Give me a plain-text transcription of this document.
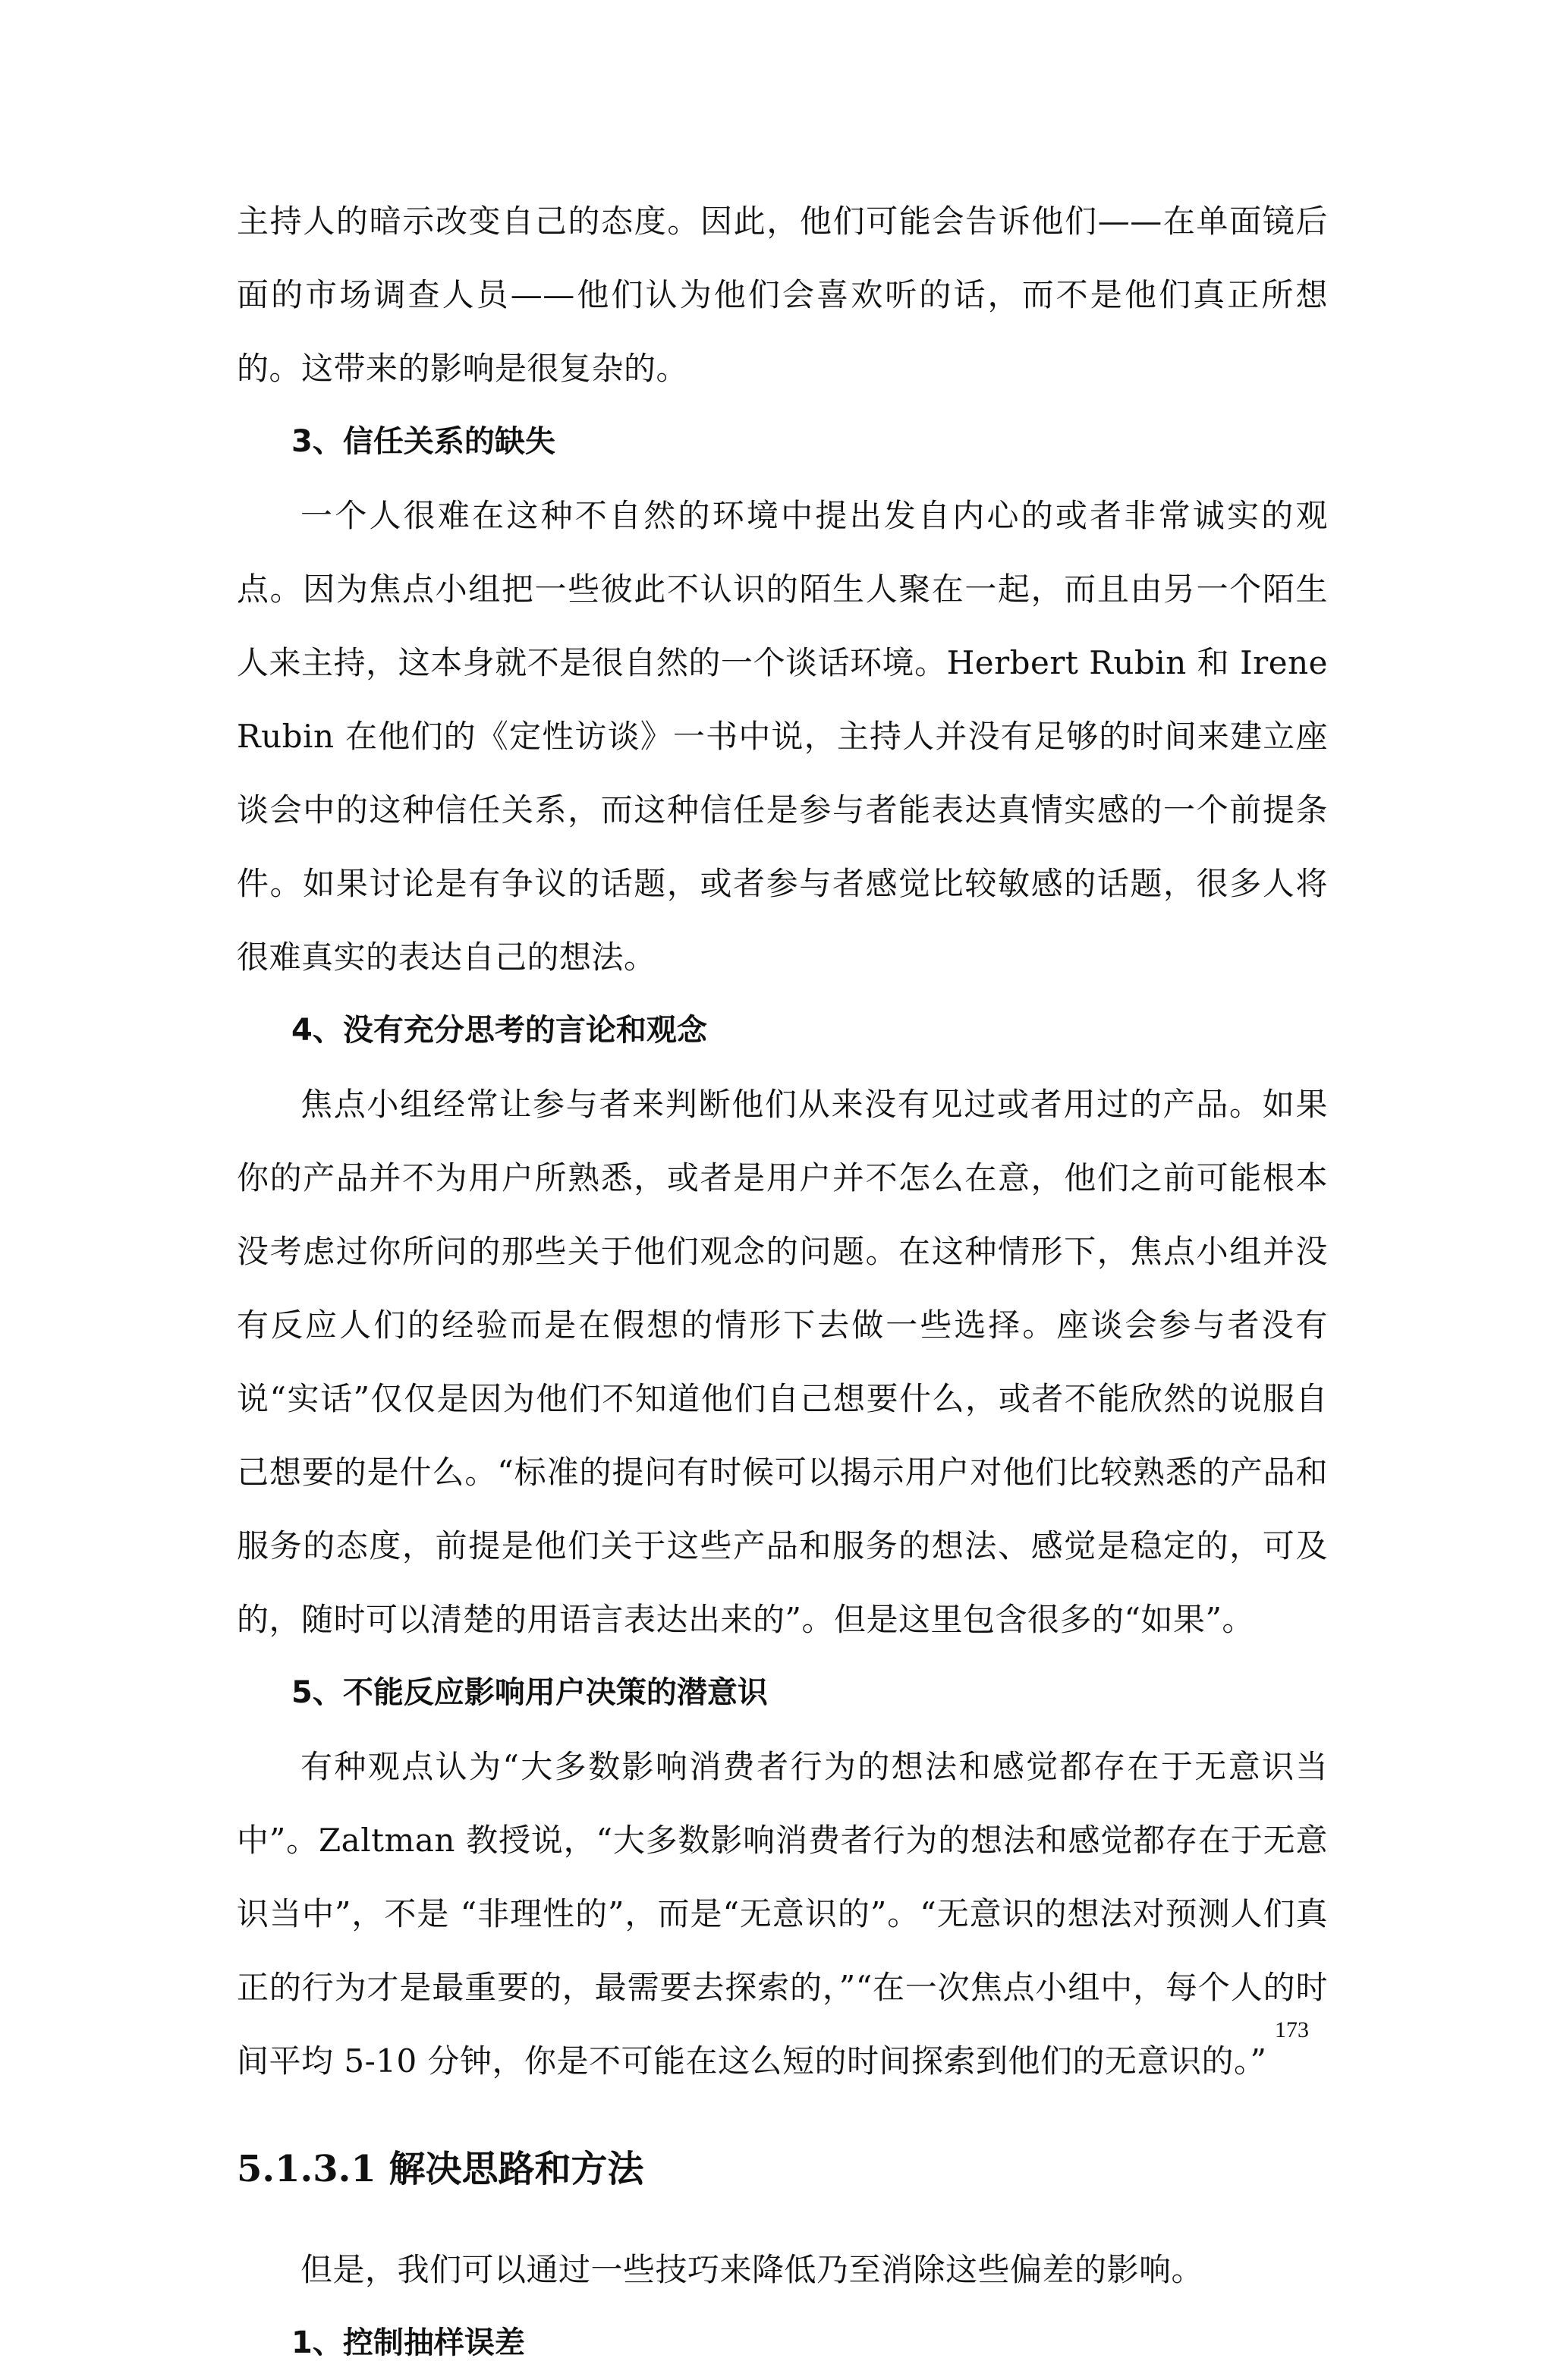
主持人的暗示改变自己的态度。因此，他们可能会告诉他们——在单面镜后面的市场调查人员——他们认为他们会喜欢听的话，而不是他们真正所想的。这带来的影响是很复杂的。

3、信任关系的缺失

一个人很难在这种不自然的环境中提出发自内心的或者非常诚实的观点。因为焦点小组把一些彼此不认识的陌生人聚在一起，而且由另一个陌生人来主持，这本身就不是很自然的一个谈话环境。Herbert Rubin 和 Irene Rubin 在他们的《定性访谈》一书中说，主持人并没有足够的时间来建立座谈会中的这种信任关系，而这种信任是参与者能表达真情实感的一个前提条件。如果讨论是有争议的话题，或者参与者感觉比较敏感的话题，很多人将很难真实的表达自己的想法。

4、没有充分思考的言论和观念

焦点小组经常让参与者来判断他们从来没有见过或者用过的产品。如果你的产品并不为用户所熟悉，或者是用户并不怎么在意，他们之前可能根本没考虑过你所问的那些关于他们观念的问题。在这种情形下，焦点小组并没有反应人们的经验而是在假想的情形下去做一些选择。座谈会参与者没有说“实话”仅仅是因为他们不知道他们自己想要什么，或者不能欣然的说服自己想要的是什么。“标准的提问有时候可以揭示用户对他们比较熟悉的产品和服务的态度，前提是他们关于这些产品和服务的想法、感觉是稳定的，可及的，随时可以清楚的用语言表达出来的”。但是这里包含很多的“如果”。

5、不能反应影响用户决策的潜意识

有种观点认为“大多数影响消费者行为的想法和感觉都存在于无意识当中”。Zaltman 教授说，“大多数影响消费者行为的想法和感觉都存在于无意识当中”，不是 “非理性的”，而是“无意识的”。“无意识的想法对预测人们真正的行为才是最重要的，最需要去探索的，”“在一次焦点小组中，每个人的时间平均 5-10 分钟，你是不可能在这么短的时间探索到他们的无意识的。”

5.1.3.1 解决思路和方法

但是，我们可以通过一些技巧来降低乃至消除这些偏差的影响。

1、控制抽样误差

173
